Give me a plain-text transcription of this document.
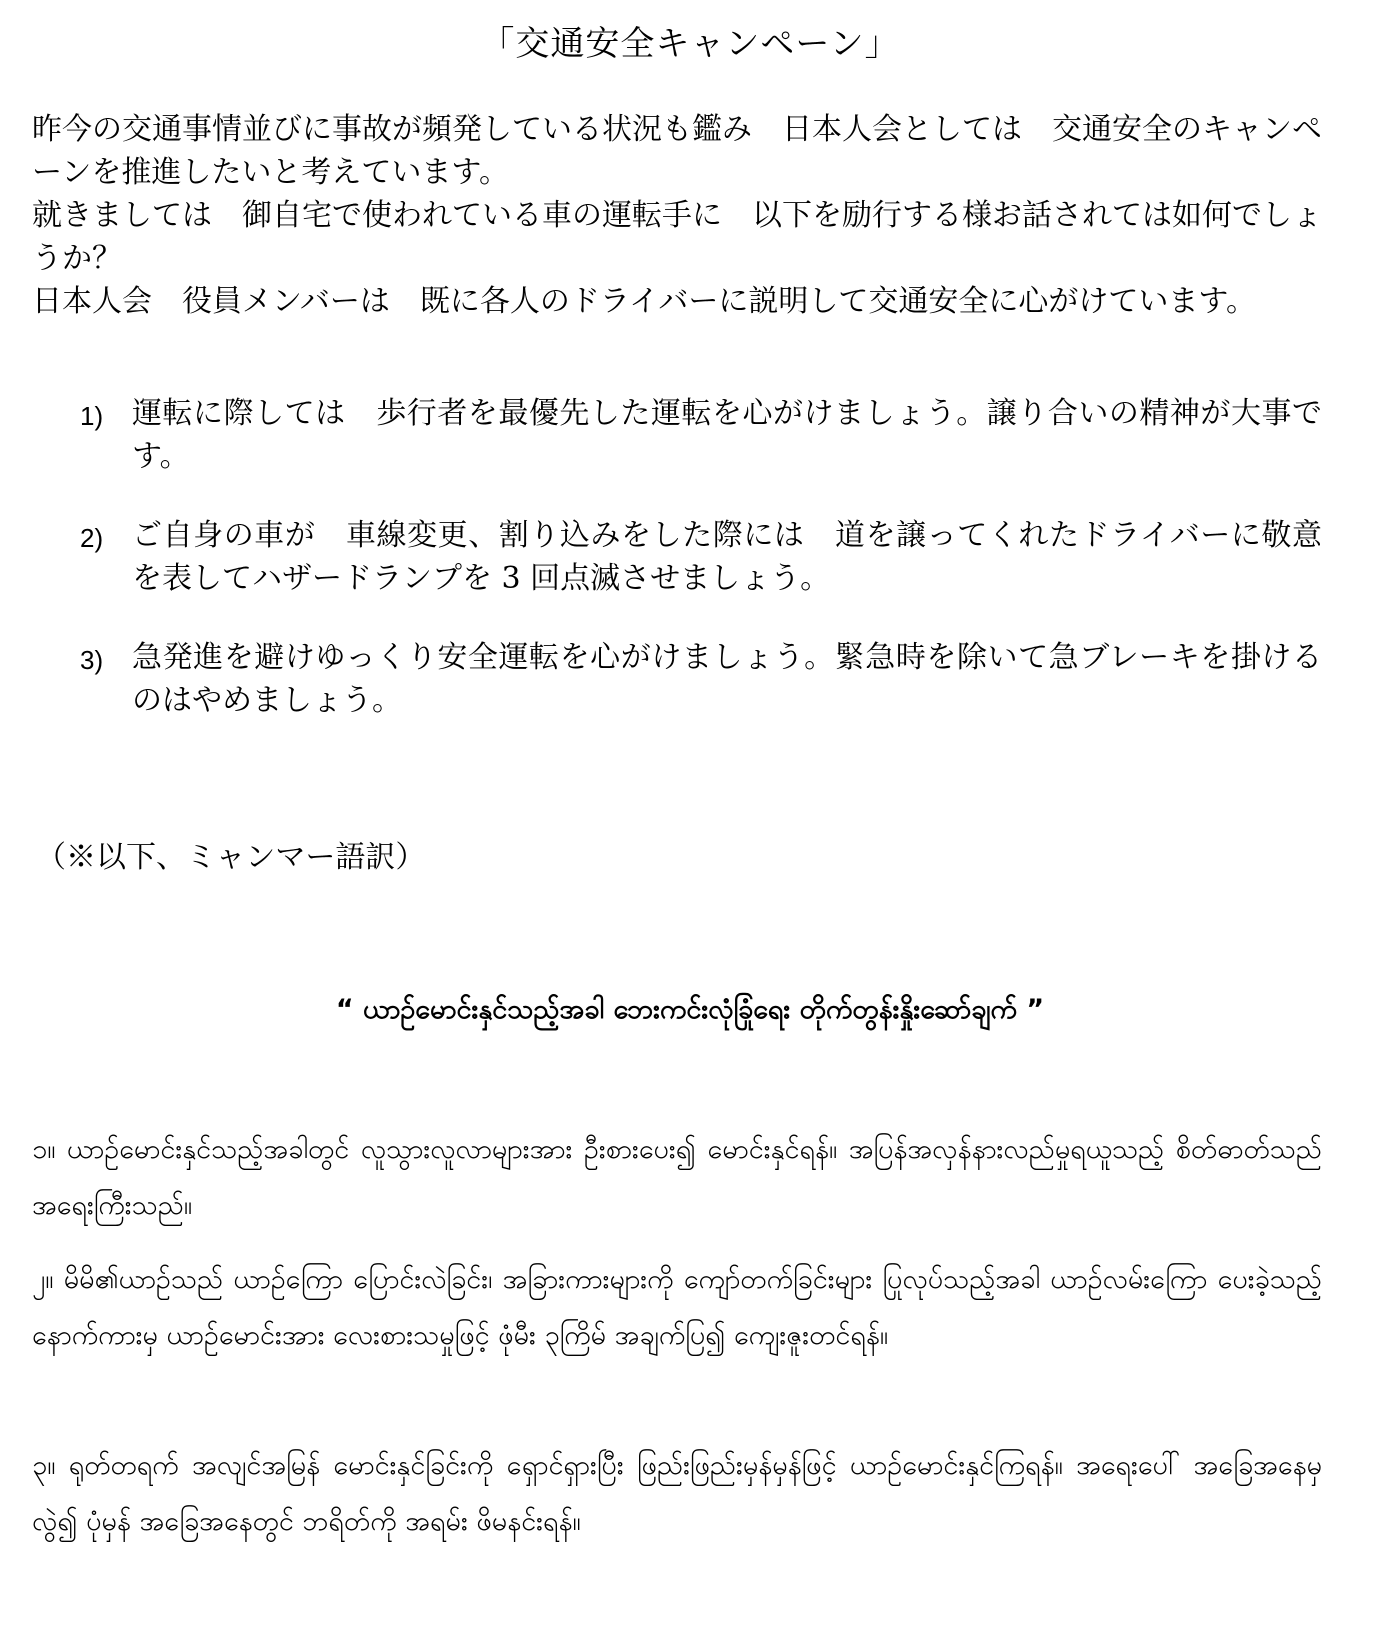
「交通安全キャンペーン」

昨今の交通事情並びに事故が頻発している状況も鑑み　日本人会としては　交通安全のキャンペーンを推進したいと考えています。

就きましては　御自宅で使われている車の運転手に　以下を励行する様お話されては如何でしょうか？

日本人会　役員メンバーは　既に各人のドライバーに説明して交通安全に心がけています。

1) 運転に際しては　歩行者を最優先した運転を心がけましょう。譲り合いの精神が大事です。
2) ご自身の車が　車線変更、割り込みをした際には　道を譲ってくれたドライバーに敬意を表してハザードランプを 3 回点滅させましょう。
3) 急発進を避けゆっくり安全運転を心がけましょう。緊急時を除いて急ブレーキを掛けるのはやめましょう。
（※以下、ミャンマー語訳）
“ ယာဉ်မောင်းနှင်သည့်အခါ ဘေးကင်းလုံခြုံရေး တိုက်တွန်းနှိုးဆော်ချက် ”
၁။ ယာဉ်မောင်းနှင်သည့်အခါတွင် လူသွားလူလာများအား ဦးစားပေး၍ မောင်းနှင်ရန်။ အပြန်အလှန်နားလည်မှုရယူသည့် စိတ်ဓာတ်သည် အရေးကြီးသည်။
၂။ မိမိ၏ယာဉ်သည် ယာဉ်ကြော ပြောင်းလဲခြင်း၊ အခြားကားများကို ကျော်တက်ခြင်းများ ပြုလုပ်သည့်အခါ ယာဉ်လမ်းကြော ပေးခဲ့သည့် နောက်ကားမှ ယာဉ်မောင်းအား လေးစားသမှုဖြင့် ဖုံမီး ၃ကြိမ် အချက်ပြ၍ ကျေးဇူးတင်ရန်။
၃။ ရုတ်တရက် အလျင်အမြန် မောင်းနှင်ခြင်းကို ရှောင်ရှားပြီး ဖြည်းဖြည်းမှန်မှန်ဖြင့် ယာဉ်မောင်းနှင်ကြရန်။ အရေးပေါ် အခြေအနေမှလွဲ၍ ပုံမှန် အခြေအနေတွင် ဘရိတ်ကို အရမ်း ဖိမနင်းရန်။
